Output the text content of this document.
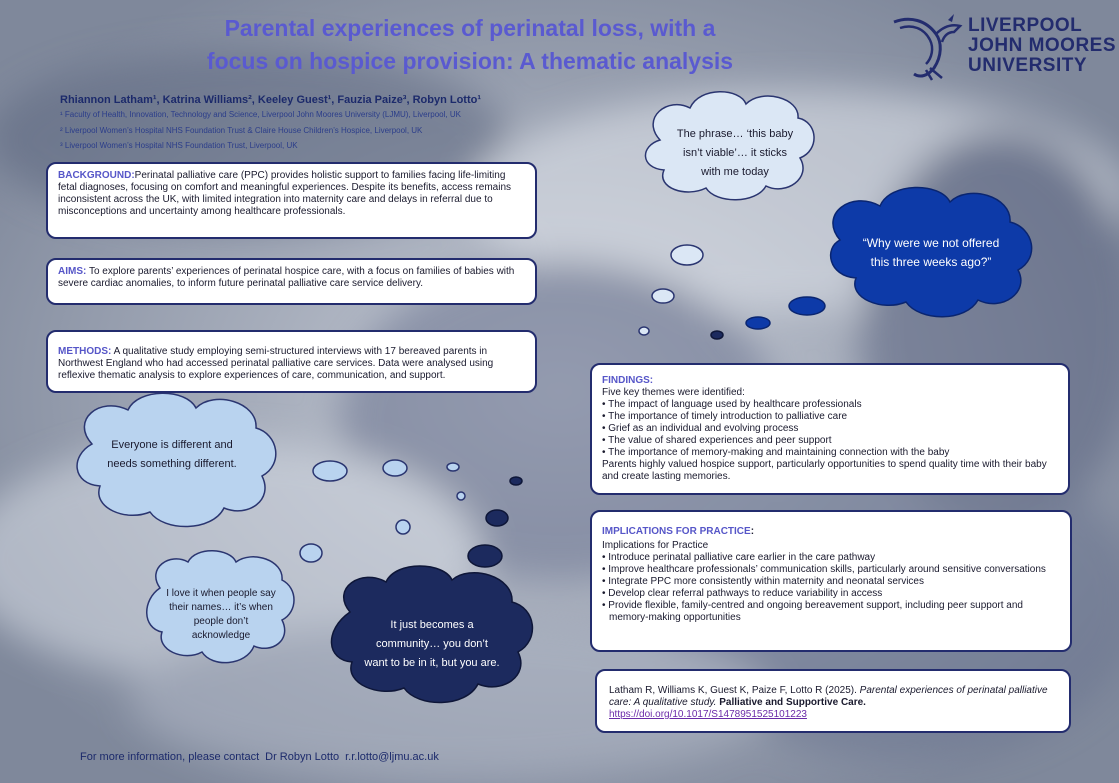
Parental experiences of perinatal loss, with a
focus on hospice provision: A thematic analysis
LIVERPOOL
JOHN MOORES
UNIVERSITY
Rhiannon Latham¹, Katrina Williams², Keeley Guest¹, Fauzia Paize³, Robyn Lotto¹
¹ Faculty of Health, Innovation, Technology and Science, Liverpool John Moores University (LJMU), Liverpool, UK
² Liverpool Women’s Hospital NHS Foundation Trust & Claire House Children’s Hospice, Liverpool, UK
³ Liverpool Women’s Hospital NHS Foundation Trust, Liverpool, UK
BACKGROUND:Perinatal palliative care (PPC) provides holistic support to families facing life-limiting fetal diagnoses, focusing on comfort and meaningful experiences. Despite its benefits, access remains inconsistent across the UK, with limited integration into maternity care and delays in referral due to misconceptions and uncertainty among healthcare professionals.
AIMS: To explore parents’ experiences of perinatal hospice care, with a focus on families of babies with severe cardiac anomalies, to inform future perinatal palliative care service delivery.
METHODS: A qualitative study employing semi-structured interviews with 17 bereaved parents in Northwest England who had accessed perinatal palliative care services. Data were analysed using reflexive thematic analysis to explore experiences of care, communication, and support.	FINDINGS:
Five key themes were identified:
• The impact of language used by healthcare professionals
• The importance of timely introduction to palliative care
• Grief as an individual and evolving process
• The value of shared experiences and peer support
• The importance of memory-making and maintaining connection with the baby
Parents highly valued hospice support, particularly opportunities to spend quality time with their baby and create lasting memories.
IMPLICATIONS FOR PRACTICE:
Implications for Practice
• Introduce perinatal palliative care earlier in the care pathway
• Improve healthcare professionals’ communication skills, particularly around sensitive conversations
• Integrate PPC more consistently within maternity and neonatal services
• Develop clear referral pathways to reduce variability in access
• Provide flexible, family-centred and ongoing bereavement support, including peer support and memory-making opportunities
Latham R, Williams K, Guest K, Paize F, Lotto R (2025). Parental experiences of perinatal palliative care: A qualitative study. Palliative and Supportive Care. https://doi.org/10.1017/S1478951525101223
The phrase… ‘this baby isn’t viable’… it sticks with me today
“Why were we not offered this three weeks ago?”
Everyone is different and needs something different.
I love it when people say their names… it’s when people don’t acknowledge
It just becomes a community… you don’t want to be in it, but you are.
For more information, please contact Dr Robyn Lotto r.r.lotto@ljmu.ac.uk
